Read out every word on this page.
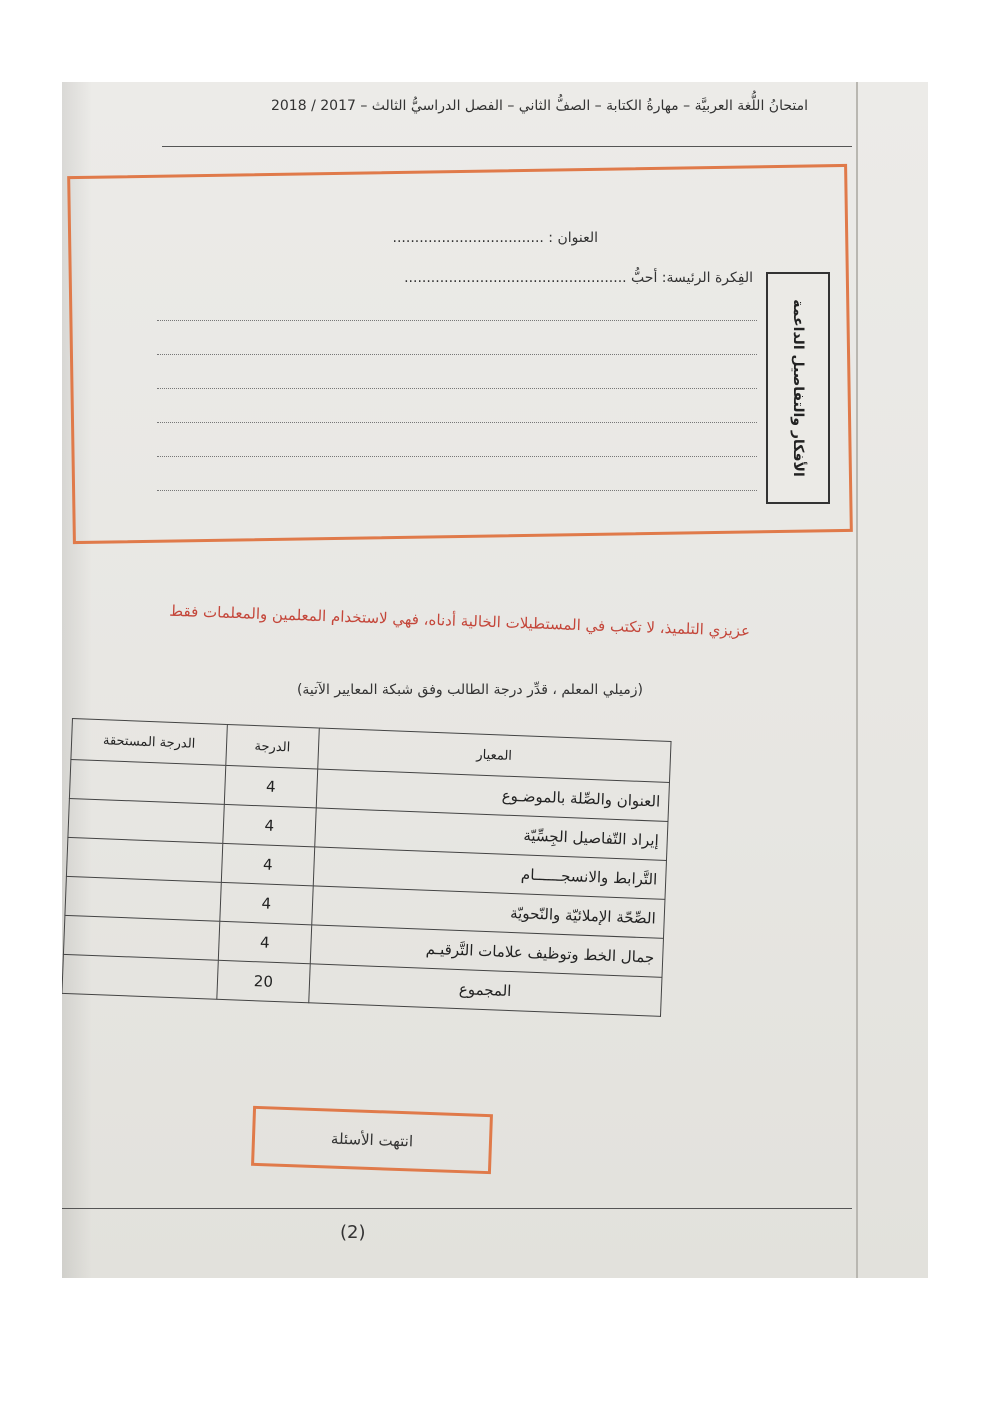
امتحانُ اللُّغة العربيَّة – مهارةُ الكتابة – الصفُّ الثاني – الفصل الدراسيُّ الثالث – 2017 / 2018
العنوان : ..................................
الفِكرة الرئيسة: أحبُّ ..................................................
الأفكار والتفاصيل الداعمة
عزيزي التلميذ، لا تكتب في المستطيلات الخالية أدناه، فهي لاستخدام المعلمين والمعلمات فقط
(زميلي المعلم ، قدِّر درجة الطالب وفق شبكة المعايير الآتية)
المعيار	الدرجة	الدرجة المستحقة
العنوان والصِّلة بالموضـوع	4	
إيراد التّفاصيل الجِسِّيّة	4	
التَّرابط والانسجــــــام	4	
الصِّحّة الإملائيّة والنّحويّة	4	
جمال الخط وتوظيف علامات التَّرقيـم	4	
المجموع	20	
انتهت الأسئلة
(2)
